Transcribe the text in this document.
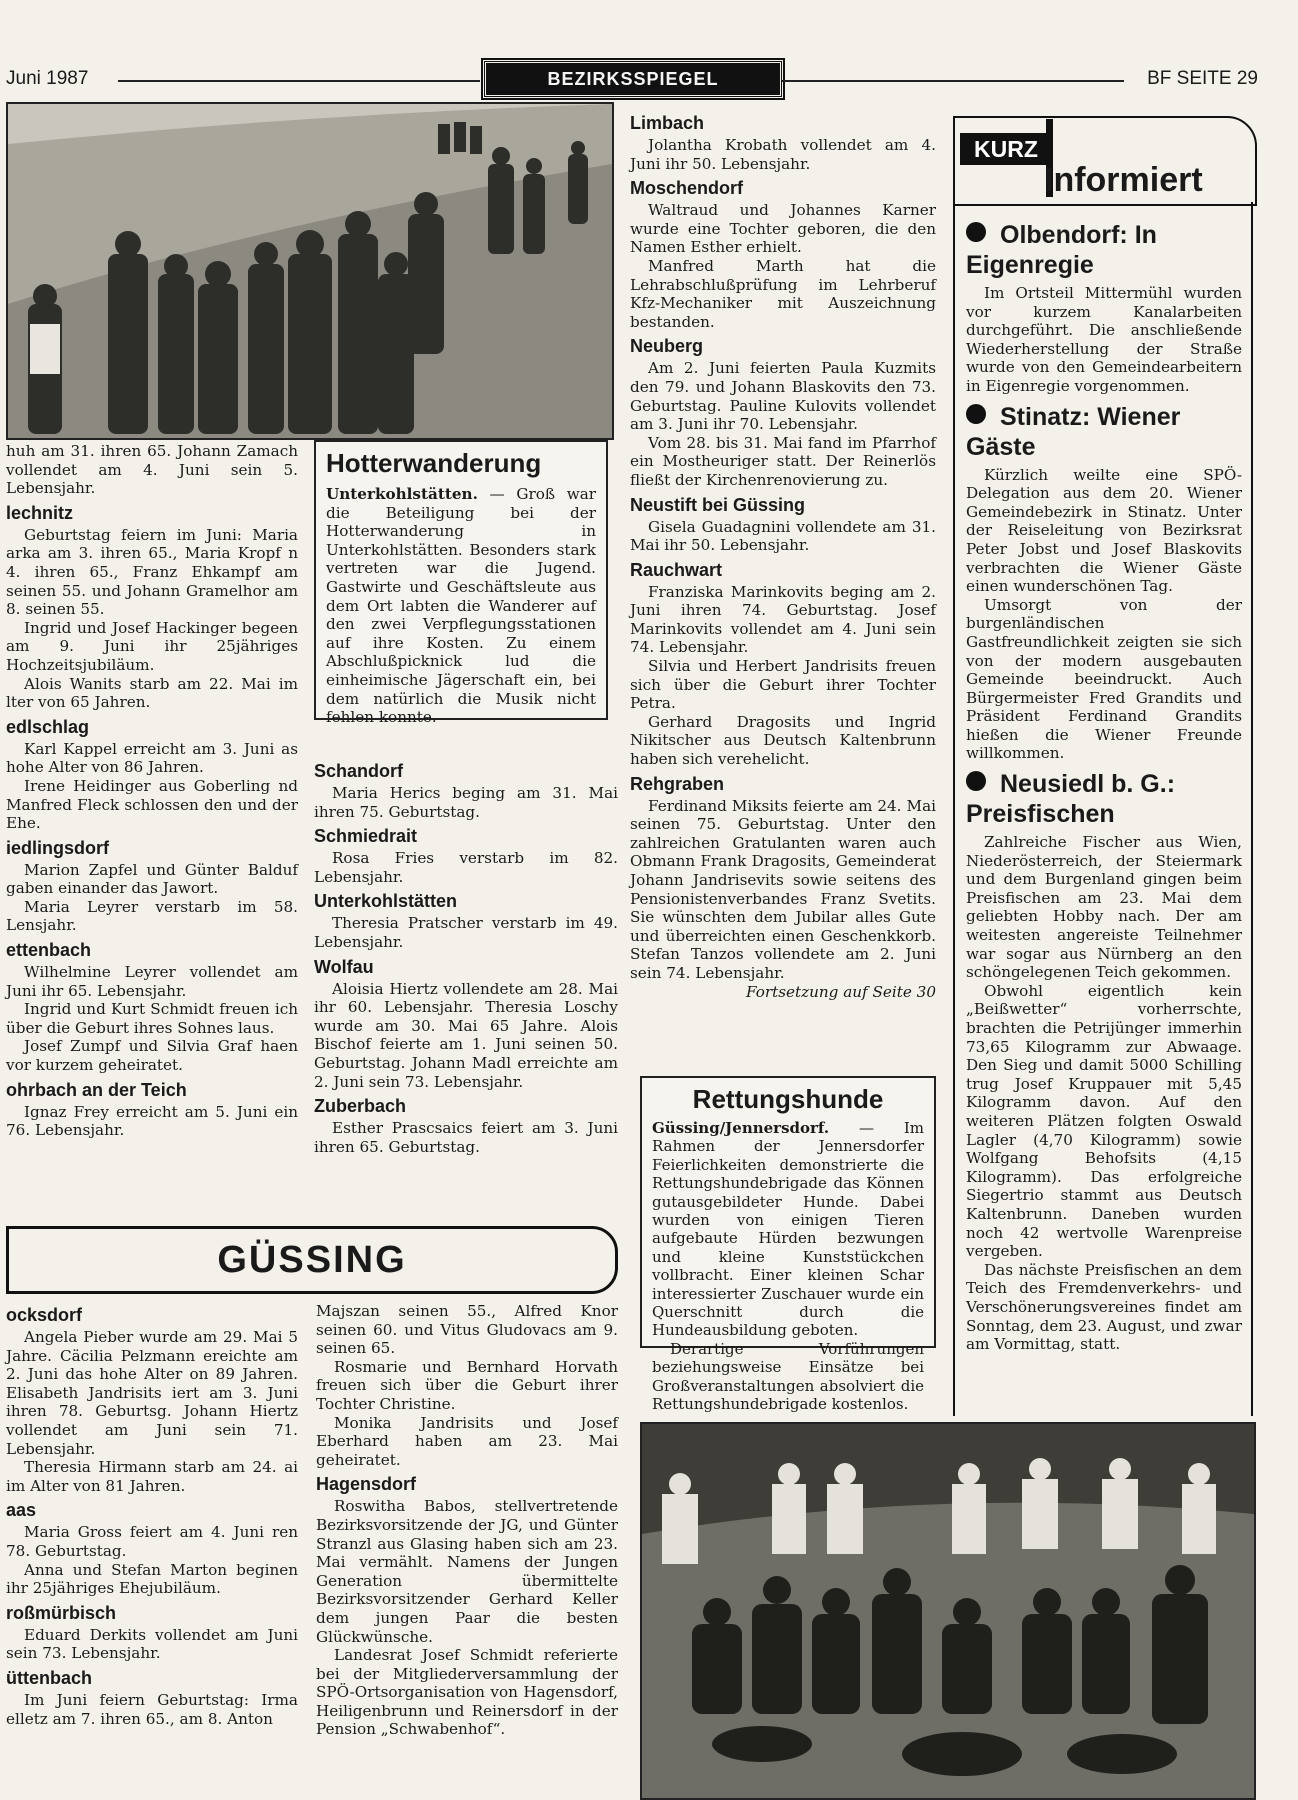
Juni 1987	BEZIRKSSPIEGEL	BF SEITE 29

huh am 31. ihren 65. Johann Zamach vollendet am 4. Juni sein 5. Lebensjahr.

lechnitz

Geburtstag feiern im Juni: Maria arka am 3. ihren 65., Maria Kropf n 4. ihren 65., Franz Ehkampf am seinen 55. und Johann Gramelhor am 8. seinen 55.

Ingrid und Josef Hackinger begeen am 9. Juni ihr 25jähriges Hochzeitsjubiläum.

Alois Wanits starb am 22. Mai im lter von 65 Jahren.

edlschlag

Karl Kappel erreicht am 3. Juni as hohe Alter von 86 Jahren.

Irene Heidinger aus Goberling nd Manfred Fleck schlossen den und der Ehe.

iedlingsdorf

Marion Zapfel und Günter Balduf gaben einander das Jawort.

Maria Leyrer verstarb im 58. Lensjahr.

ettenbach

Wilhelmine Leyrer vollendet am Juni ihr 65. Lebensjahr.

Ingrid und Kurt Schmidt freuen ich über die Geburt ihres Sohnes laus.

Josef Zumpf und Silvia Graf haen vor kurzem geheiratet.

ohrbach an der Teich

Ignaz Frey erreicht am 5. Juni ein 76. Lebensjahr.

Hotterwanderung
Unterkohlstätten. — Groß war die Beteiligung bei der Hotterwanderung in Unterkohlstätten. Besonders stark vertreten war die Jugend. Gastwirte und Geschäftsleute aus dem Ort labten die Wanderer auf den zwei Verpflegungsstationen auf ihre Kosten. Zu einem Abschlußpicknick lud die einheimische Jägerschaft ein, bei dem natürlich die Musik nicht fehlen konnte.
Schandorf

Maria Herics beging am 31. Mai ihren 75. Geburtstag.

Schmiedrait

Rosa Fries verstarb im 82. Lebensjahr.

Unterkohlstätten

Theresia Pratscher verstarb im 49. Lebensjahr.

Wolfau

Aloisia Hiertz vollendete am 28. Mai ihr 60. Lebensjahr. Theresia Loschy wurde am 30. Mai 65 Jahre. Alois Bischof feierte am 1. Juni seinen 50. Geburtstag. Johann Madl erreichte am 2. Juni sein 73. Lebensjahr.

Zuberbach

Esther Prascsaics feiert am 3. Juni ihren 65. Geburtstag.

Limbach

Jolantha Krobath vollendet am 4. Juni ihr 50. Lebensjahr.

Moschendorf

Waltraud und Johannes Karner wurde eine Tochter geboren, die den Namen Esther erhielt.

Manfred Marth hat die Lehrabschlußprüfung im Lehrberuf Kfz-Mechaniker mit Auszeichnung bestanden.

Neuberg

Am 2. Juni feierten Paula Kuzmits den 79. und Johann Blaskovits den 73. Geburtstag. Pauline Kulovits vollendet am 3. Juni ihr 70. Lebensjahr.

Vom 28. bis 31. Mai fand im Pfarrhof ein Mostheuriger statt. Der Reinerlös fließt der Kirchenrenovierung zu.

Neustift bei Güssing

Gisela Guadagnini vollendete am 31. Mai ihr 50. Lebensjahr.

Rauchwart

Franziska Marinkovits beging am 2. Juni ihren 74. Geburtstag. Josef Marinkovits vollendet am 4. Juni sein 74. Lebensjahr.

Silvia und Herbert Jandrisits freuen sich über die Geburt ihrer Tochter Petra.

Gerhard Dragosits und Ingrid Nikitscher aus Deutsch Kaltenbrunn haben sich verehelicht.

Rehgraben

Ferdinand Miksits feierte am 24. Mai seinen 75. Geburtstag. Unter den zahlreichen Gratulanten waren auch Obmann Frank Dragosits, Gemeinderat Johann Jandrisevits sowie seitens des Pensionistenverbandes Franz Svetits. Sie wünschten dem Jubilar alles Gute und überreichten einen Geschenkkorb. Stefan Tanzos vollendete am 2. Juni sein 74. Lebensjahr.

Fortsetzung auf Seite 30

Rettungshunde
Güssing/Jennersdorf. — Im Rahmen der Jennersdorfer Feierlichkeiten demonstrierte die Rettungshundebrigade das Können gutausgebildeter Hunde. Dabei wurden von einigen Tieren aufgebaute Hürden bezwungen und kleine Kunststückchen vollbracht. Einer kleinen Schar interessierter Zuschauer wurde ein Querschnitt durch die Hundeausbildung geboten.
Derartige Vorführungen beziehungsweise Einsätze bei Großveranstaltungen absolviert die Rettungshundebrigade kostenlos.
KURZ
Informiert
Olbendorf: In Eigenregie

Im Ortsteil Mittermühl wurden vor kurzem Kanalarbeiten durchgeführt. Die anschließende Wiederherstellung der Straße wurde von den Gemeindearbeitern in Eigenregie vorgenommen.

Stinatz: Wiener Gäste

Kürzlich weilte eine SPÖ-Delegation aus dem 20. Wiener Gemeindebezirk in Stinatz. Unter der Reiseleitung von Bezirksrat Peter Jobst und Josef Blaskovits verbrachten die Wiener Gäste einen wunderschönen Tag.

Umsorgt von der burgenländischen Gastfreundlichkeit zeigten sie sich von der modern ausgebauten Gemeinde beeindruckt. Auch Bürgermeister Fred Grandits und Präsident Ferdinand Grandits hießen die Wiener Freunde willkommen.

Neusiedl b. G.: Preisfischen

Zahlreiche Fischer aus Wien, Niederösterreich, der Steiermark und dem Burgenland gingen beim Preisfischen am 23. Mai dem geliebten Hobby nach. Der am weitesten angereiste Teilnehmer war sogar aus Nürnberg an den schöngelegenen Teich gekommen.

Obwohl eigentlich kein „Beißwetter“ vorherrschte, brachten die Petrijünger immerhin 73,65 Kilogramm zur Abwaage. Den Sieg und damit 5000 Schilling trug Josef Kruppauer mit 5,45 Kilogramm davon. Auf den weiteren Plätzen folgten Oswald Lagler (4,70 Kilogramm) sowie Wolfgang Behofsits (4,15 Kilogramm). Das erfolgreiche Siegertrio stammt aus Deutsch Kaltenbrunn. Daneben wurden noch 42 wertvolle Warenpreise vergeben.

Das nächste Preisfischen an dem Teich des Fremdenverkehrs- und Verschönerungsvereines findet am Sonntag, dem 23. August, und zwar am Vormittag, statt.

GÜSSING
ocksdorf

Angela Pieber wurde am 29. Mai 5 Jahre. Cäcilia Pelzmann ereichte am 2. Juni das hohe Alter on 89 Jahren. Elisabeth Jandrisits iert am 3. Juni ihren 78. Geburtsg. Johann Hiertz vollendet am Juni sein 71. Lebensjahr.

Theresia Hirmann starb am 24. ai im Alter von 81 Jahren.

aas

Maria Gross feiert am 4. Juni ren 78. Geburtstag.

Anna und Stefan Marton beginen ihr 25jähriges Ehejubiläum.

roßmürbisch

Eduard Derkits vollendet am Juni sein 73. Lebensjahr.

üttenbach

Im Juni feiern Geburtstag: Irma elletz am 7. ihren 65., am 8. Anton

Majszan seinen 55., Alfred Knor seinen 60. und Vitus Gludovacs am 9. seinen 65.

Rosmarie und Bernhard Horvath freuen sich über die Geburt ihrer Tochter Christine.

Monika Jandrisits und Josef Eberhard haben am 23. Mai geheiratet.

Hagensdorf

Roswitha Babos, stellvertretende Bezirksvorsitzende der JG, und Günter Stranzl aus Glasing haben sich am 23. Mai vermählt. Namens der Jungen Generation übermittelte Bezirksvorsitzender Gerhard Keller dem jungen Paar die besten Glückwünsche.

Landesrat Josef Schmidt referierte bei der Mitgliederversammlung der SPÖ-Ortsorganisation von Hagensdorf, Heiligenbrunn und Reinersdorf in der Pension „Schwabenhof“.
